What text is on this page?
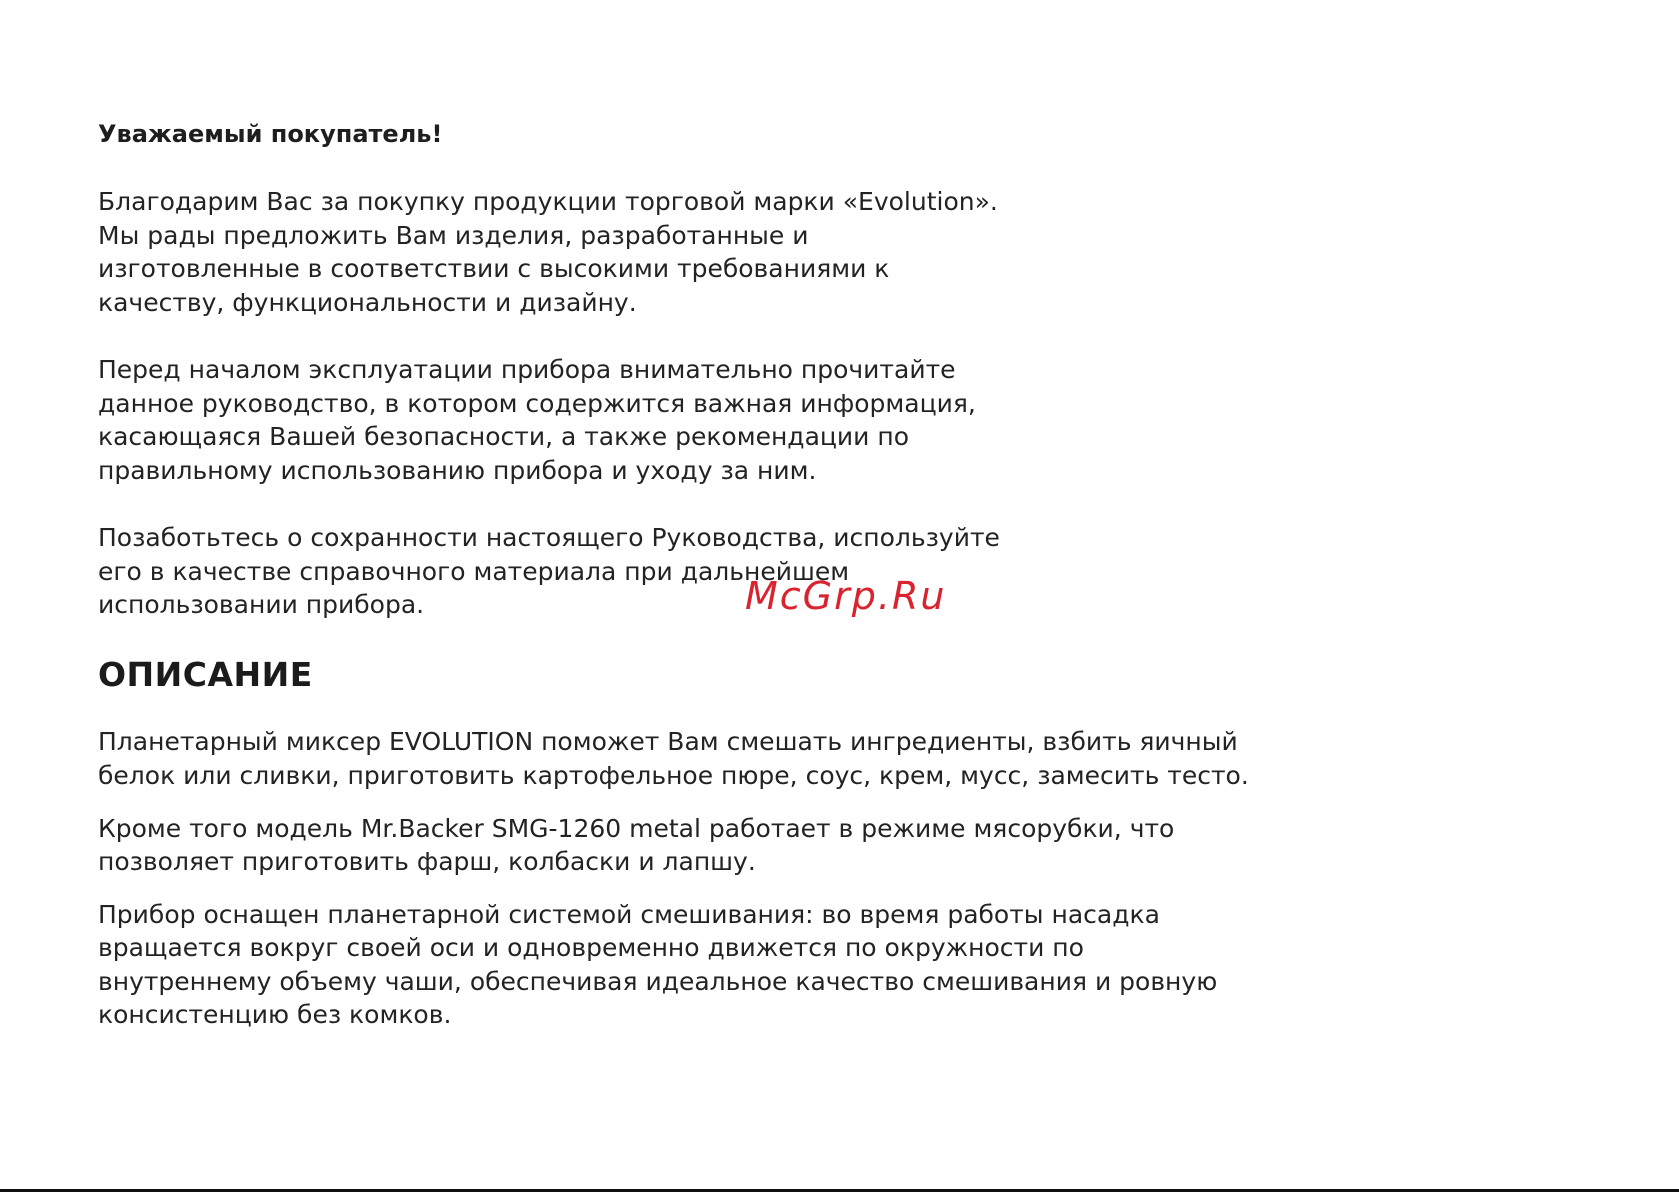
Уважаемый покупатель!

Благодарим Вас за покупку продукции торговой марки «Evolution».
Мы рады предложить Вам изделия, разработанные и
изготовленные в соответствии с высокими требованиями к
качеству, функциональности и дизайну.
Перед началом эксплуатации прибора внимательно прочитайте
данное руководство, в котором содержится важная информация,
касающаяся Вашей безопасности, а также рекомендации по
правильному использованию прибора и уходу за ним.
Позаботьтесь о сохранности настоящего Руководства, используйте
его в качестве справочного материала при дальнейшем
использовании прибора.
ОПИСАНИЕ
Планетарный миксер EVOLUTION поможет Вам смешать ингредиенты, взбить яичный
белок или сливки, приготовить картофельное пюре, соус, крем, мусс, замесить тесто.
Кроме того модель Mr.Backer SMG-1260 metal работает в режиме мясорубки, что
позволяет приготовить фарш, колбаски и лапшу.
Прибор оснащен планетарной системой смешивания: во время работы насадка
вращается вокруг своей оси и одновременно движется по окружности по
внутреннему объему чаши, обеспечивая идеальное качество смешивания и ровную
консистенцию без комков.
McGrp.Ru
